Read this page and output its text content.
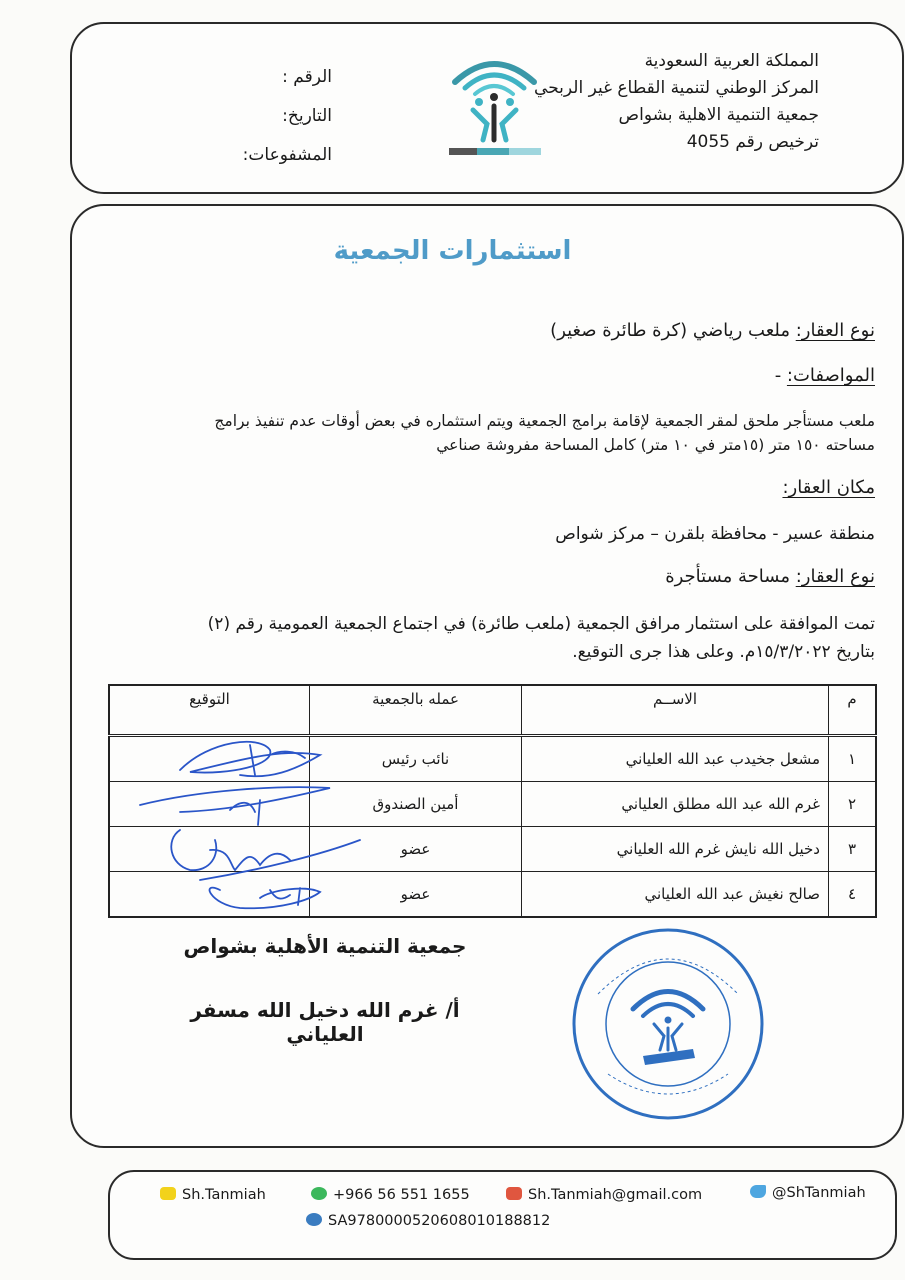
المملكة العربية السعودية
المركز الوطني لتنمية القطاع غير الربحي
جمعية التنمية الاهلية بشواص
ترخيص رقم 4055
الرقم :
التاريخ:
المشفوعات:
استثمارات الجمعية
نوع العقار: ملعب رياضي (كرة طائرة صغير)
المواصفات: -
ملعب مستأجر ملحق لمقر الجمعية لإقامة برامج الجمعية ويتم استثماره في بعض أوقات عدم تنفيذ برامج
مساحته ١٥٠ متر (١٥متر في ١٠ متر) كامل المساحة مفروشة صناعي
مكان العقار:
منطقة عسير - محافظة بلقرن – مركز شواص
نوع العقار: مساحة مستأجرة
تمت الموافقة على استثمار مرافق الجمعية (ملعب طائرة) في اجتماع الجمعية العمومية رقم (٢)
بتاريخ ١٥/٣/٢٠٢٢م. وعلى هذا جرى التوقيع.
م	الاســم	عمله بالجمعية	التوقيع
١	مشعل جخيدب عبد الله العلياني	نائب رئيس	
٢	غرم الله عبد الله مطلق العلياني	أمين الصندوق	
٣	دخيل الله نايش غرم الله العلياني	عضو	
٤	صالح نغيش عبد الله العلياني	عضو	
جمعية التنمية الأهلية بشواص
أ/ غرم الله دخيل الله مسفر العلياني
Sh.Tanmiah	+966 56 551 1655	Sh.Tanmiah@gmail.com	@ShTanmiah
SA9780000520608010188812
